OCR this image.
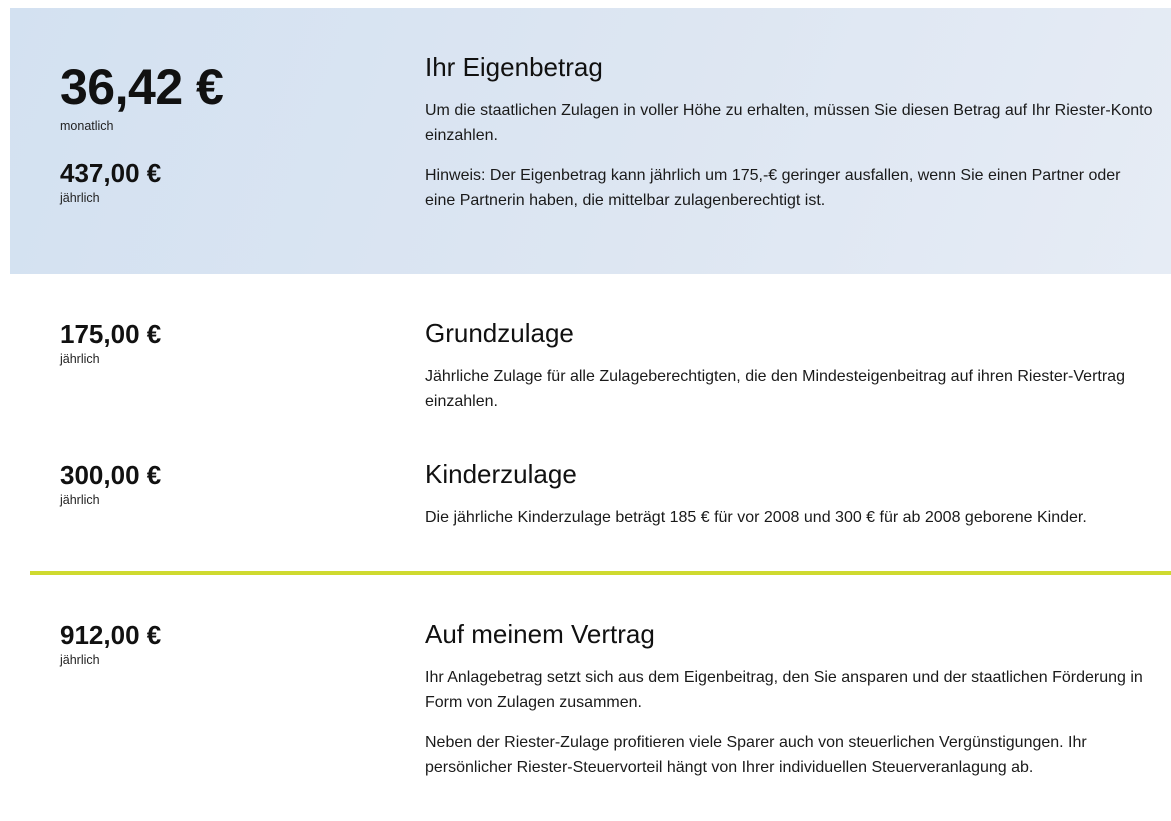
36,42 €

monatlich

437,00 €

jährlich

Ihr Eigenbetrag

Um die staatlichen Zulagen in voller Höhe zu erhalten, müssen Sie diesen Betrag auf Ihr Riester-Konto einzahlen.

Hinweis: Der Eigenbetrag kann jährlich um 175,-€ geringer ausfallen, wenn Sie einen Partner oder eine Partnerin haben, die mittelbar zulagenberechtigt ist.

175,00 €

jährlich

Grundzulage

Jährliche Zulage für alle Zulageberechtigten, die den Mindesteigenbeitrag auf ihren Riester-Vertrag einzahlen.

300,00 €

jährlich

Kinderzulage

Die jährliche Kinderzulage beträgt 185 € für vor 2008 und 300 € für ab 2008 geborene Kinder.

912,00 €

jährlich

Auf meinem Vertrag

Ihr Anlagebetrag setzt sich aus dem Eigenbeitrag, den Sie ansparen und der staatlichen Förderung in Form von Zulagen zusammen.

Neben der Riester-Zulage profitieren viele Sparer auch von steuerlichen Vergünstigungen. Ihr persönlicher Riester-Steuervorteil hängt von Ihrer individuellen Steuerveranlagung ab.
